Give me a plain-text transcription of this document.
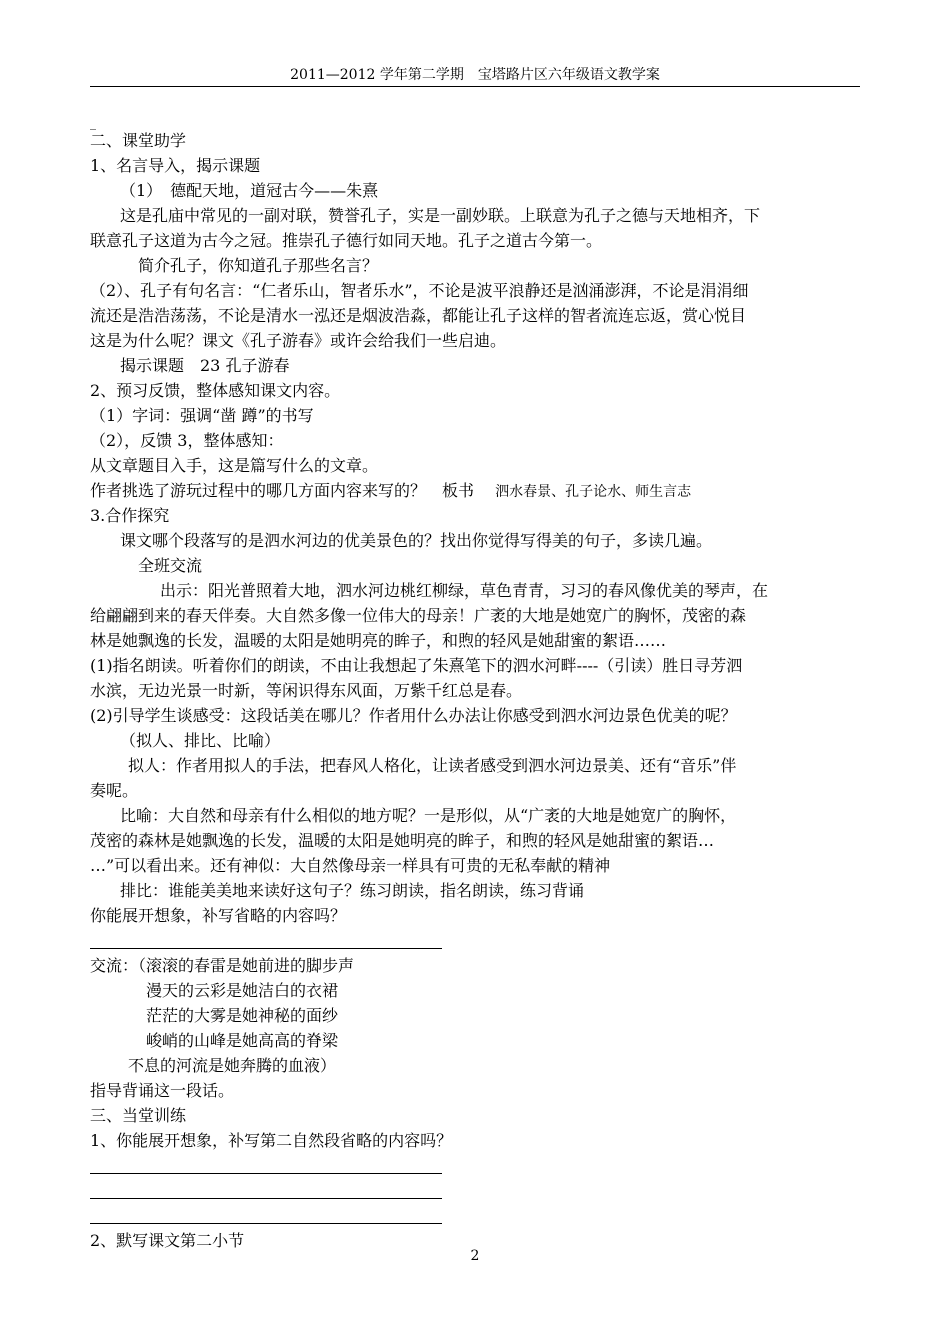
2011—2012 学年第二学期　宝塔路片区六年级语文教学案
_
二、课堂助学
1、名言导入，揭示课题
（1）　德配天地，道冠古今——朱熹
这是孔庙中常见的一副对联，赞誉孔子，实是一副妙联。上联意为孔子之德与天地相齐，下
联意孔子这道为古今之冠。推崇孔子德行如同天地。孔子之道古今第一。
简介孔子，你知道孔子那些名言？
（2）、孔子有句名言：“仁者乐山，智者乐水”，不论是波平浪静还是汹涌澎湃，不论是涓涓细
流还是浩浩荡荡，不论是清水一泓还是烟波浩淼，都能让孔子这样的智者流连忘返，赏心悦目
这是为什么呢？课文《孔子游春》或许会给我们一些启迪。
揭示课题　23 孔子游春
2、预习反馈，整体感知课文内容。
（1）字词：强调“凿 蹲”的书写
（2），反馈 3，整体感知：
从文章题目入手，这是篇写什么的文章。
作者挑选了游玩过程中的哪几方面内容来写的？　板书　 泗水春景、孔子论水、师生言志
3.合作探究
课文哪个段落写的是泗水河边的优美景色的？找出你觉得写得美的句子，多读几遍。
全班交流
出示：阳光普照着大地，泗水河边桃红柳绿，草色青青，习习的春风像优美的琴声，在
给翩翩到来的春天伴奏。大自然多像一位伟大的母亲！广袤的大地是她宽广的胸怀，茂密的森
林是她飘逸的长发，温暖的太阳是她明亮的眸子，和煦的轻风是她甜蜜的絮语……
(1)指名朗读。听着你们的朗读，不由让我想起了朱熹笔下的泗水河畔----（引读）胜日寻芳泗
水滨，无边光景一时新，等闲识得东风面，万紫千红总是春。
(2)引导学生谈感受：这段话美在哪儿？作者用什么办法让你感受到泗水河边景色优美的呢？
（拟人、排比、比喻）
拟人：作者用拟人的手法，把春风人格化，让读者感受到泗水河边景美、还有“音乐”伴
奏呢。
比喻：大自然和母亲有什么相似的地方呢？一是形似，从“广袤的大地是她宽广的胸怀，
茂密的森林是她飘逸的长发，温暖的太阳是她明亮的眸子，和煦的轻风是她甜蜜的絮语…
…”可以看出来。还有神似：大自然像母亲一样具有可贵的无私奉献的精神
排比：谁能美美地来读好这句子？练习朗读，指名朗读，练习背诵
你能展开想象，补写省略的内容吗？
交流：（滚滚的春雷是她前进的脚步声
漫天的云彩是她洁白的衣裙
茫茫的大雾是她神秘的面纱
峻峭的山峰是她高高的脊梁
不息的河流是她奔腾的血液）
指导背诵这一段话。
三、当堂训练
1、你能展开想象，补写第二自然段省略的内容吗？
2、默写课文第二小节
2
